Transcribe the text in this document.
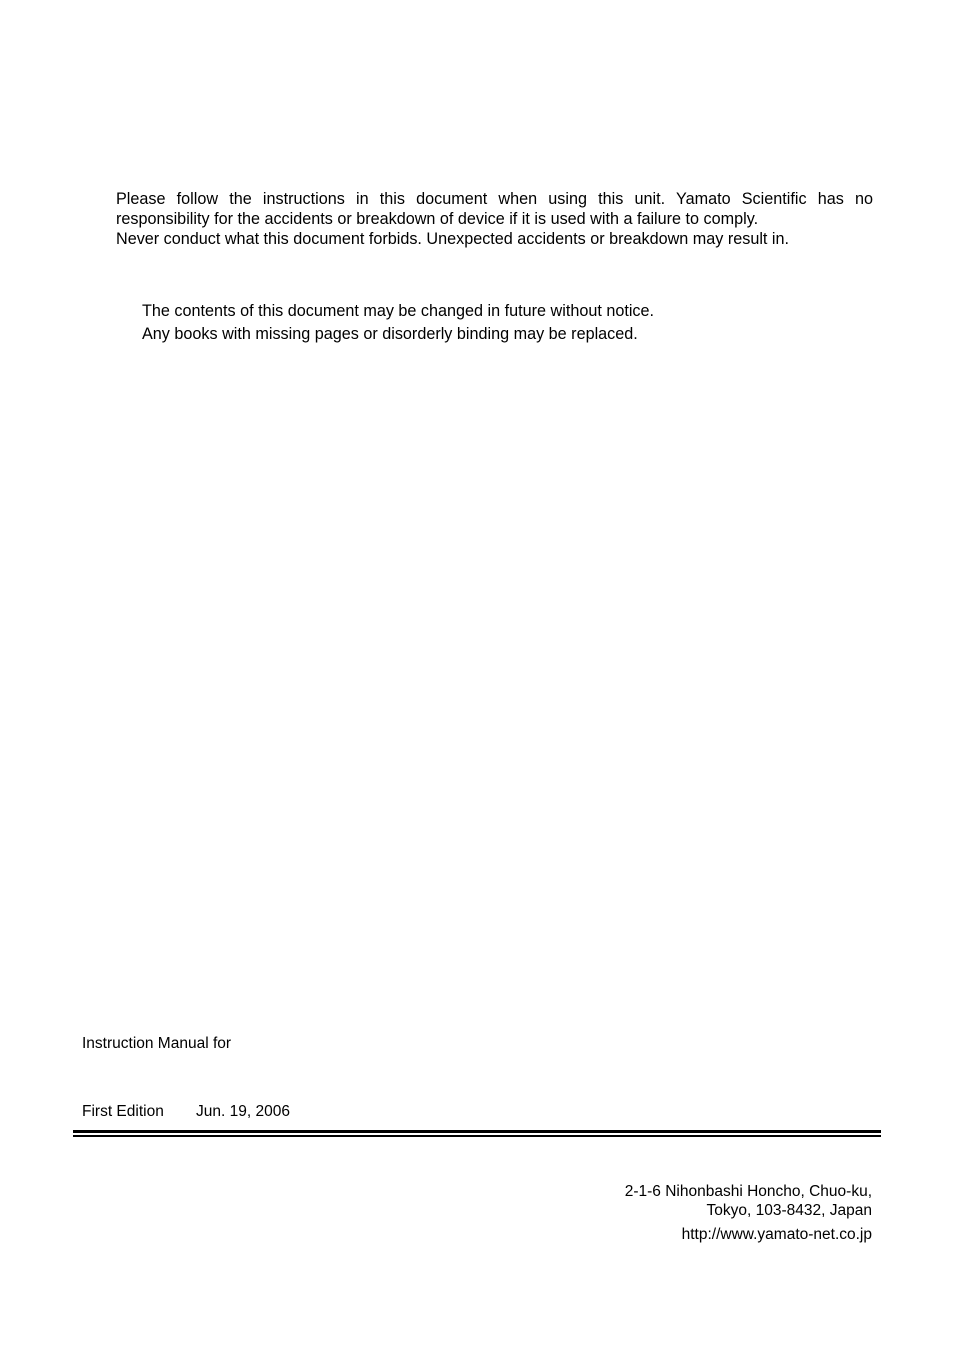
Please follow the instructions in this document when using this unit. Yamato Scientific has no
responsibility for the accidents or breakdown of device if it is used with a failure to comply.
Never conduct what this document forbids. Unexpected accidents or breakdown may result in.
The contents of this document may be changed in future without notice.
Any books with missing pages or disorderly binding may be replaced.
Instruction Manual for
First Edition Jun. 19, 2006
2-1-6 Nihonbashi Honcho, Chuo-ku,
Tokyo, 103-8432, Japan
http://www.yamato-net.co.jp
